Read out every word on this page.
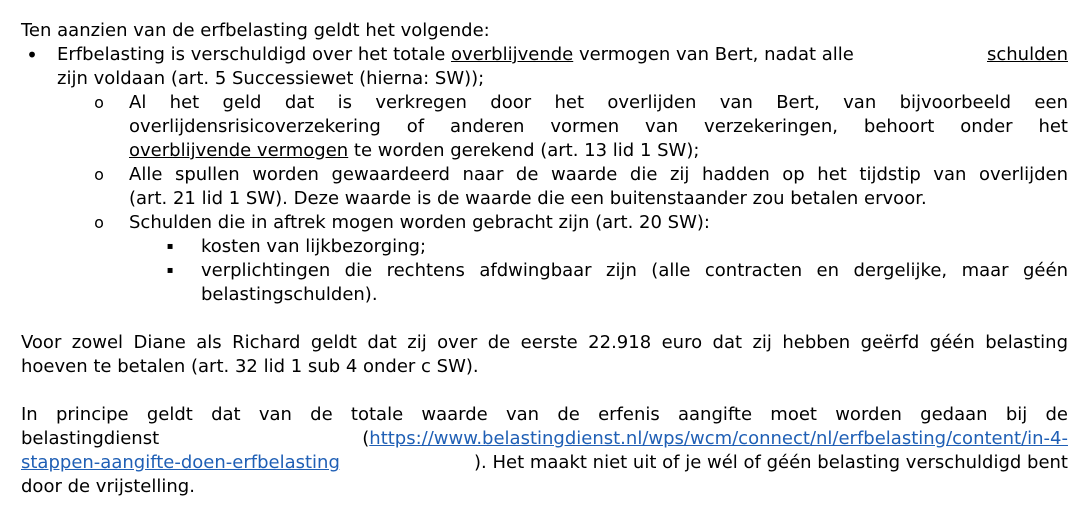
Ten aanzien van de erfbelasting geldt het volgende:
• Erfbelasting is verschuldigd over het totale overblijvende vermogen van Bert, nadat alle	schulden
zijn voldaan (art. 5 Successiewet (hierna: SW));
o Al het geld dat is verkregen door het overlijden van Bert, van bijvoorbeeld een
overlijdensrisicoverzekering of anderen vormen van verzekeringen, behoort onder het
overblijvende vermogen te worden gerekend (art. 13 lid 1 SW);
o Alle spullen worden gewaardeerd naar de waarde die zij hadden op het tijdstip van overlijden
(art. 21 lid 1 SW). Deze waarde is de waarde die een buitenstaander zou betalen ervoor.
o Schulden die in aftrek mogen worden gebracht zijn (art. 20 SW):
▪ kosten van lijkbezorging;
▪ verplichtingen die rechtens afdwingbaar zijn (alle contracten en dergelijke, maar géén
belastingschulden).
Voor zowel Diane als Richard geldt dat zij over de eerste 22.918 euro dat zij hebben geërfd géén belasting
hoeven te betalen (art. 32 lid 1 sub 4 onder c SW).
In principe geldt dat van de totale waarde van de erfenis aangifte moet worden gedaan bij de
belastingdienst	(https://www.belastingdienst.nl/wps/wcm/connect/nl/erfbelasting/content/in-4-
stappen-aangifte-doen-erfbelasting	). Het maakt niet uit of je wél of géén belasting verschuldigd bent
door de vrijstelling.
